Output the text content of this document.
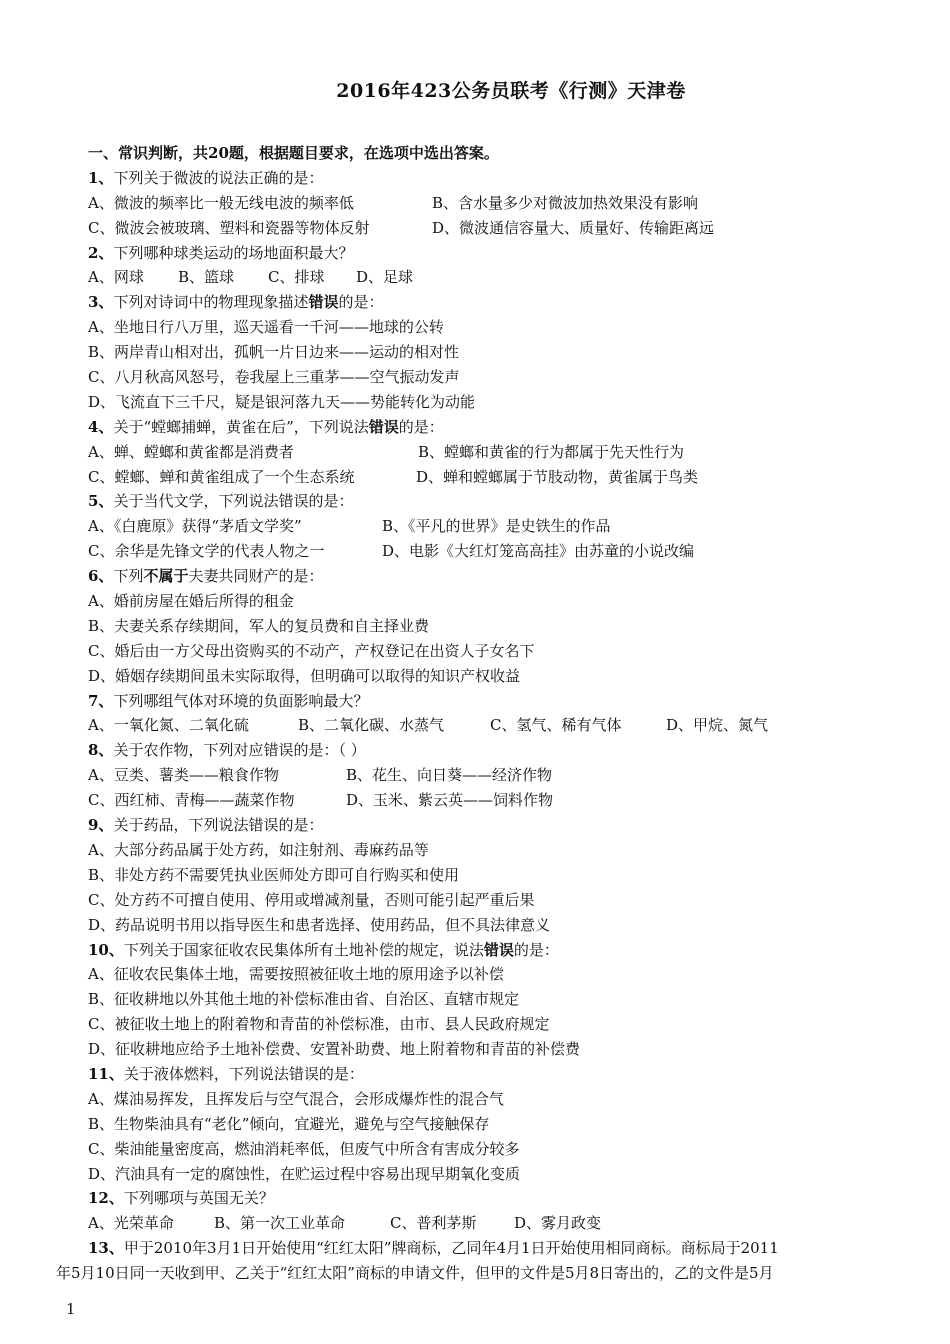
2016年423公务员联考《行测》天津卷
一、常识判断，共20题，根据题目要求，在选项中选出答案。
1、下列关于微波的说法正确的是：
A、微波的频率比一般无线电波的频率低	B、含水量多少对微波加热效果没有影响
C、微波会被玻璃、塑料和瓷器等物体反射	D、微波通信容量大、质量好、传输距离远
2、下列哪种球类运动的场地面积最大？
A、网球 B、篮球 C、排球 D、足球
3、下列对诗词中的物理现象描述错误的是：
A、坐地日行八万里，巡天遥看一千河——地球的公转
B、两岸青山相对出，孤帆一片日边来——运动的相对性
C、八月秋高风怒号，卷我屋上三重茅——空气振动发声
D、飞流直下三千尺，疑是银河落九天——势能转化为动能
4、关于“螳螂捕蝉，黄雀在后”，下列说法错误的是：
A、蝉、螳螂和黄雀都是消费者	B、螳螂和黄雀的行为都属于先天性行为
C、螳螂、蝉和黄雀组成了一个生态系统	D、蝉和螳螂属于节肢动物，黄雀属于鸟类
5、关于当代文学，下列说法错误的是：
A、《白鹿原》获得“茅盾文学奖”	B、《平凡的世界》是史铁生的作品
C、余华是先锋文学的代表人物之一	D、电影《大红灯笼高高挂》由苏童的小说改编
6、下列不属于夫妻共同财产的是：
A、婚前房屋在婚后所得的租金
B、夫妻关系存续期间，军人的复员费和自主择业费
C、婚后由一方父母出资购买的不动产，产权登记在出资人子女名下
D、婚姻存续期间虽未实际取得，但明确可以取得的知识产权收益
7、下列哪组气体对环境的负面影响最大？
A、一氧化氮、二氧化硫	B、二氧化碳、水蒸气	C、氢气、稀有气体	D、甲烷、氮气
8、关于农作物，下列对应错误的是：（ ）
A、豆类、薯类——粮食作物	B、花生、向日葵——经济作物
C、西红柿、青梅——蔬菜作物	D、玉米、紫云英——饲料作物
9、关于药品，下列说法错误的是：
A、大部分药品属于处方药，如注射剂、毒麻药品等
B、非处方药不需要凭执业医师处方即可自行购买和使用
C、处方药不可擅自使用、停用或增减剂量，否则可能引起严重后果
D、药品说明书用以指导医生和患者选择、使用药品，但不具法律意义
10、下列关于国家征收农民集体所有土地补偿的规定，说法错误的是：
A、征收农民集体土地，需要按照被征收土地的原用途予以补偿
B、征收耕地以外其他土地的补偿标准由省、自治区、直辖市规定
C、被征收土地上的附着物和青苗的补偿标准，由市、县人民政府规定
D、征收耕地应给予土地补偿费、安置补助费、地上附着物和青苗的补偿费
11、关于液体燃料，下列说法错误的是：
A、煤油易挥发，且挥发后与空气混合，会形成爆炸性的混合气
B、生物柴油具有“老化”倾向，宜避光，避免与空气接触保存
C、柴油能量密度高，燃油消耗率低，但废气中所含有害成分较多
D、汽油具有一定的腐蚀性，在贮运过程中容易出现早期氧化变质
12、下列哪项与英国无关？
A、光荣革命	B、第一次工业革命	C、普利茅斯	D、雾月政变
13、甲于2010年3月1日开始使用“红红太阳”牌商标，乙同年4月1日开始使用相同商标。商标局于2011
年5月10日同一天收到甲、乙关于“红红太阳”商标的申请文件，但甲的文件是5月8日寄出的，乙的文件是5月
1
